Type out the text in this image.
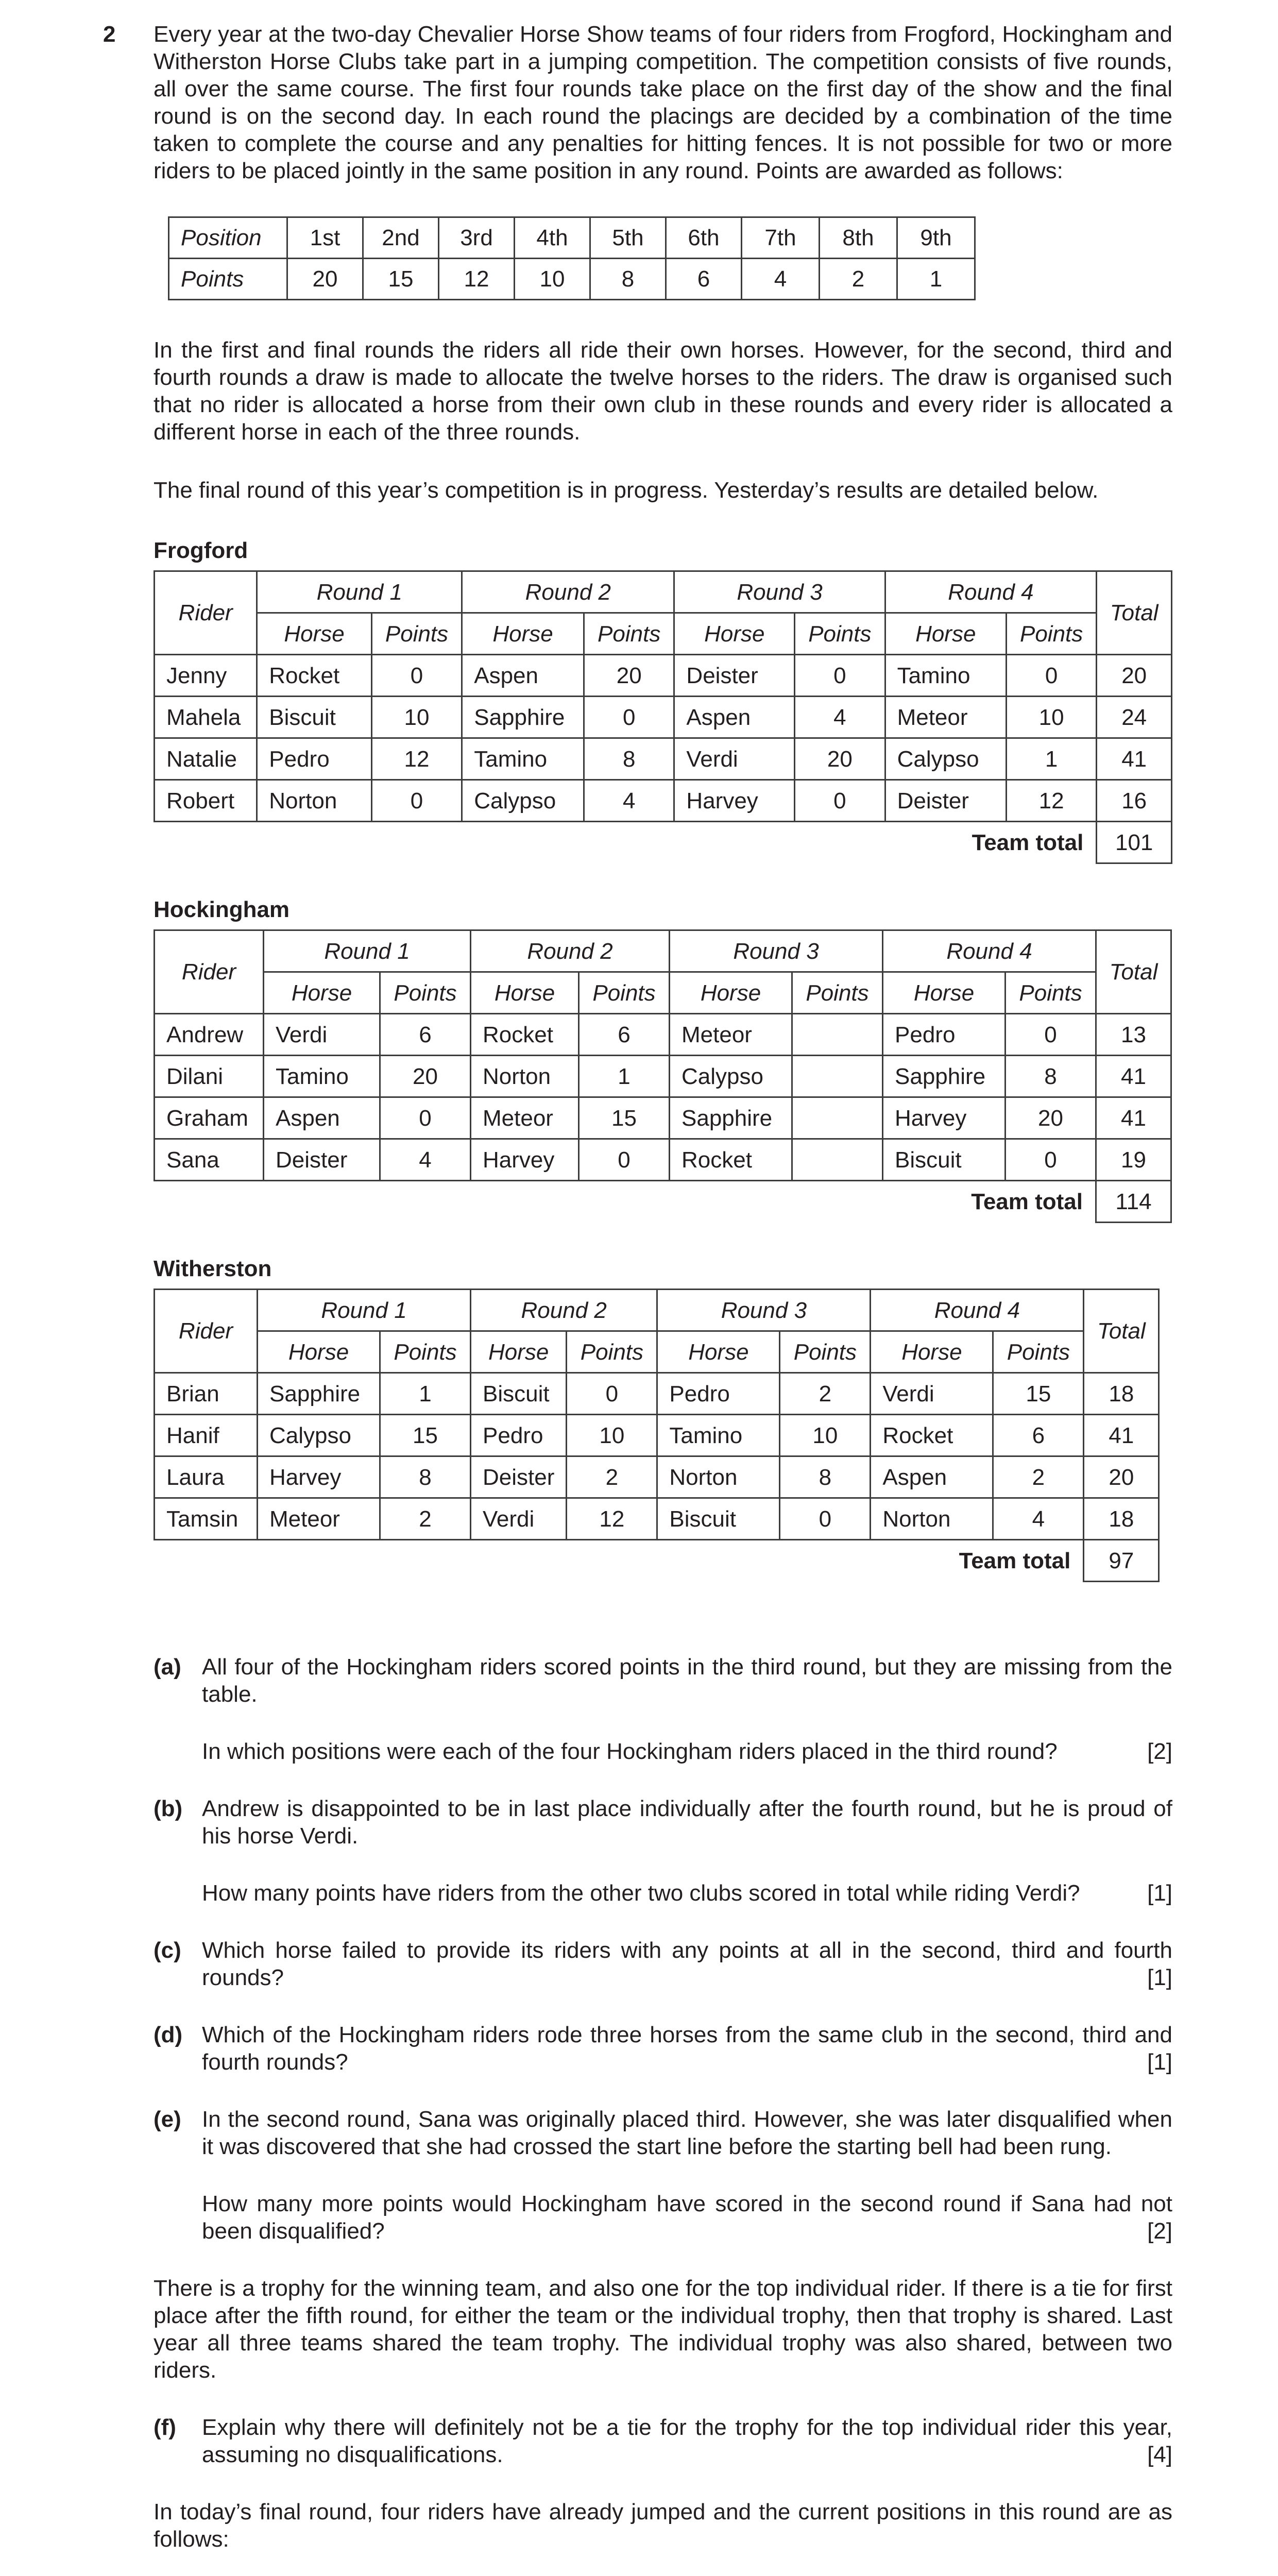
2 Every year at the two-day Chevalier Horse Show teams of four riders from Frogford, Hockingham and Witherston Horse Clubs take part in a jumping competition. The competition consists of five rounds, all over the same course. The first four rounds take place on the first day of the show and the final round is on the second day. In each round the placings are decided by a combination of the time taken to complete the course and any penalties for hitting fences. It is not possible for two or more riders to be placed jointly in the same position in any round. Points are awarded as follows:

Position	1st	2nd	3rd	4th	5th	6th	7th	8th	9th
Points	20	15	12	10	8	6	4	2	1

In the first and final rounds the riders all ride their own horses. However, for the second, third and fourth rounds a draw is made to allocate the twelve horses to the riders. The draw is organised such that no rider is allocated a horse from their own club in these rounds and every rider is allocated a different horse in each of the three rounds.

The final round of this year’s competition is in progress. Yesterday’s results are detailed below.

Frogford

Rider	Round 1		Round 2		Round 3		Round 4		Total
	Horse	Points	Horse	Points	Horse	Points	Horse	Points	
Jenny	Rocket	0	Aspen	20	Deister	0	Tamino	0	20
Mahela	Biscuit	10	Sapphire	0	Aspen	4	Meteor	10	24
Natalie	Pedro	12	Tamino	8	Verdi	20	Calypso	1	41
Robert	Norton	0	Calypso	4	Harvey	0	Deister	12	16
Team total									101

Hockingham

Rider	Round 1		Round 2		Round 3		Round 4		Total
	Horse	Points	Horse	Points	Horse	Points	Horse	Points	
Andrew	Verdi	6	Rocket	6	Meteor		Pedro	0	13
Dilani	Tamino	20	Norton	1	Calypso		Sapphire	8	41
Graham	Aspen	0	Meteor	15	Sapphire		Harvey	20	41
Sana	Deister	4	Harvey	0	Rocket		Biscuit	0	19
Team total									114

Witherston

Rider	Round 1		Round 2		Round 3		Round 4		Total
	Horse	Points	Horse	Points	Horse	Points	Horse	Points	
Brian	Sapphire	1	Biscuit	0	Pedro	2	Verdi	15	18
Hanif	Calypso	15	Pedro	10	Tamino	10	Rocket	6	41
Laura	Harvey	8	Deister	2	Norton	8	Aspen	2	20
Tamsin	Meteor	2	Verdi	12	Biscuit	0	Norton	4	18
Team total									97
(a) All four of the Hockingham riders scored points in the third round, but they are missing from the table.

In which positions were each of the four Hockingham riders placed in the third round?	[2]

(b) Andrew is disappointed to be in last place individually after the fourth round, but he is proud of his horse Verdi.

How many points have riders from the other two clubs scored in total while riding Verdi?	[1]

(c) Which horse failed to provide its riders with any points at all in the second, third and fourth rounds?	[1]

(d) Which of the Hockingham riders rode three horses from the same club in the second, third and fourth rounds?	[1]

(e) In the second round, Sana was originally placed third. However, she was later disqualified when it was discovered that she had crossed the start line before the starting bell had been rung.

How many more points would Hockingham have scored in the second round if Sana had not been disqualified?	[2]

There is a trophy for the winning team, and also one for the top individual rider. If there is a tie for first place after the fifth round, for either the team or the individual trophy, then that trophy is shared. Last year all three teams shared the team trophy. The individual trophy was also shared, between two riders.

(f) Explain why there will definitely not be a tie for the trophy for the top individual rider this year, assuming no disqualifications.	[4]

In today’s final round, four riders have already jumped and the current positions in this round are as follows:
